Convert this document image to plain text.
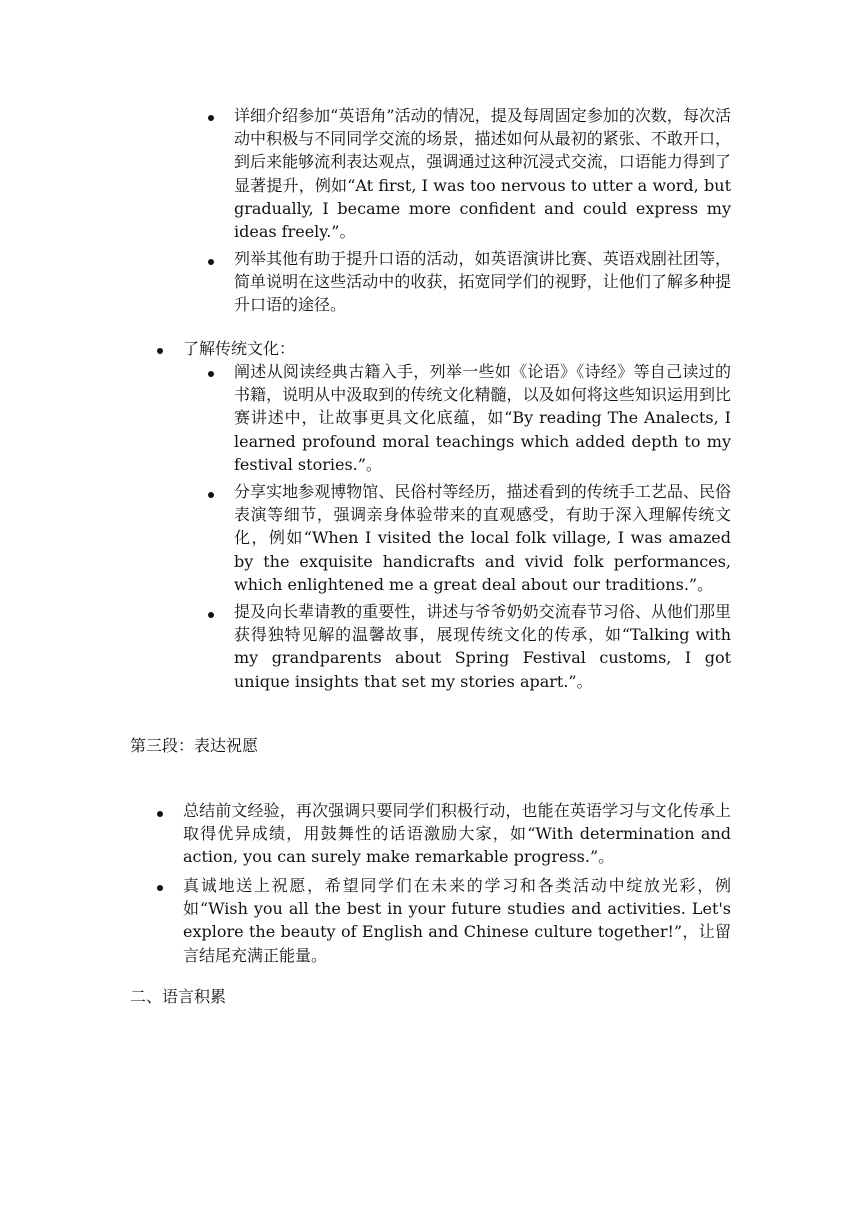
详细介绍参加“英语角”活动的情况，提及每周固定参加的次数，每次活动中积极与不同同学交流的场景，描述如何从最初的紧张、不敢开口，到后来能够流利表达观点，强调通过这种沉浸式交流，口语能力得到了显著提升，例如“At first, I was too nervous to utter a word, but gradually, I became more confident and could express my ideas freely.”。
列举其他有助于提升口语的活动，如英语演讲比赛、英语戏剧社团等，简单说明在这些活动中的收获，拓宽同学们的视野，让他们了解多种提升口语的途径。
了解传统文化：
阐述从阅读经典古籍入手，列举一些如《论语》《诗经》等自己读过的书籍，说明从中汲取到的传统文化精髓，以及如何将这些知识运用到比赛讲述中，让故事更具文化底蕴，如“By reading The Analects, I learned profound moral teachings which added depth to my festival stories.”。
分享实地参观博物馆、民俗村等经历，描述看到的传统手工艺品、民俗表演等细节，强调亲身体验带来的直观感受，有助于深入理解传统文化，例如“When I visited the local folk village, I was amazed by the exquisite handicrafts and vivid folk performances, which enlightened me a great deal about our traditions.”。
提及向长辈请教的重要性，讲述与爷爷奶奶交流春节习俗、从他们那里获得独特见解的温馨故事，展现传统文化的传承，如“Talking with my grandparents about Spring Festival customs, I got unique insights that set my stories apart.”。
第三段：表达祝愿
总结前文经验，再次强调只要同学们积极行动，也能在英语学习与文化传承上取得优异成绩，用鼓舞性的话语激励大家，如“With determination and action, you can surely make remarkable progress.”。
真诚地送上祝愿，希望同学们在未来的学习和各类活动中绽放光彩，例如“Wish you all the best in your future studies and activities. Let's explore the beauty of English and Chinese culture together!”，让留言结尾充满正能量。
二、语言积累
